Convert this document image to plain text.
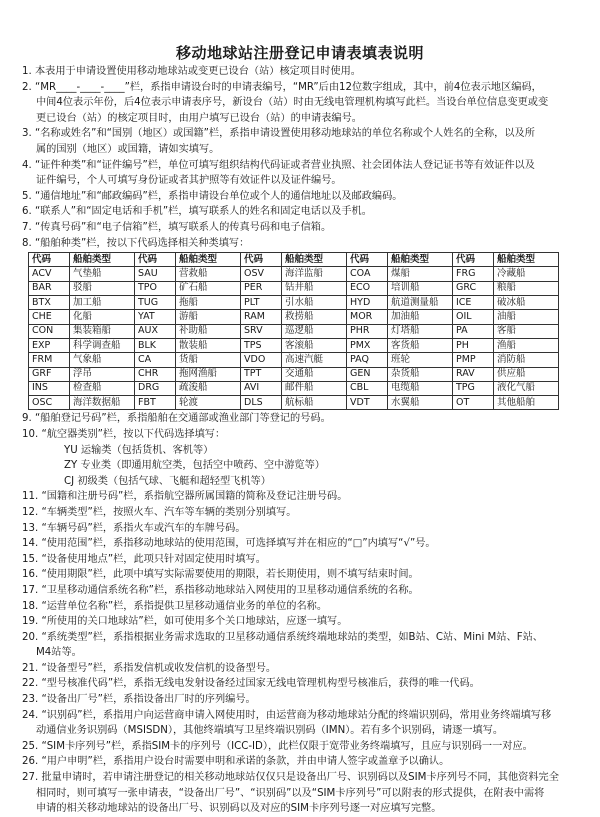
移动地球站注册登记申请表填表说明
1. 本表用于申请设置使用移动地球站或变更已设台（站）核定项目时使用。
2. “MR____-____-____”栏，系指申请设台时的申请表编号，“MR”后由12位数字组成，其中，前4位表示地区编码，
中间4位表示年份，后4位表示申请表序号，新设台（站）时由无线电管理机构填写此栏。当设台单位信息变更或变
更已设台（站）的核定项目时，由用户填写已设台（站）的申请表编号。
3. “名称或姓名”和“国别（地区）或国籍”栏，系指申请设置使用移动地球站的单位名称或个人姓名的全称，以及所
属的国别（地区）或国籍，请如实填写。
4. “证件种类”和“证件编号”栏，单位可填写组织结构代码证或者营业执照、社会团体法人登记证书等有效证件以及
证件编号，个人可填写身份证或者其护照等有效证件以及证件编号。
5. “通信地址”和“邮政编码”栏，系指申请设台单位或个人的通信地址以及邮政编码。
6. “联系人”和“固定电话和手机”栏，填写联系人的姓名和固定电话以及手机。
7. “传真号码”和“电子信箱”栏，填写联系人的传真号码和电子信箱。
8. “船舶种类”栏，按以下代码选择相关种类填写：
代码	船舶类型	代码	船舶类型	代码	船舶类型	代码	船舶类型	代码	船舶类型
ACV	气垫船	SAU	营救船	OSV	海洋监船	COA	煤船	FRG	冷藏船
BAR	驳船	TPO	矿石船	PER	钻井船	ECO	培训船	GRC	粮船
BTX	加工船	TUG	拖船	PLT	引水船	HYD	航道测量船	ICE	破冰船
CHE	化船	YAT	游船	RAM	救捞船	MOR	加油船	OIL	油船
CON	集装箱船	AUX	补助船	SRV	巡逻船	PHR	灯塔船	PA	客船
EXP	科学调查船	BLK	散装船	TPS	客滚船	PMX	客货船	PH	渔船
FRM	气象船	CA	货船	VDO	高速汽艇	PAQ	班轮	PMP	消防船
GRF	浮吊	CHR	拖网渔船	TPT	交通船	GEN	杂货船	RAV	供应船
INS	检查船	DRG	疏浚船	AVI	邮件船	CBL	电缆船	TPG	液化气船
OSC	海洋数据船	FBT	轮渡	DLS	航标船	VDT	水翼船	OT	其他船舶
9. “船舶登记号码”栏，系指船舶在交通部或渔业部门等登记的号码。
10. “航空器类别”栏，按以下代码选择填写：
YU 运输类（包括货机、客机等）
ZY 专业类（即通用航空类，包括空中喷药、空中游览等）
CJ 初级类（包括气球、飞艇和超轻型飞机等）
11. “国籍和注册号码”栏，系指航空器所属国籍的简称及登记注册号码。
12. “车辆类型”栏，按照火车、汽车等车辆的类别分别填写。
13. “车辆号码”栏，系指火车或汽车的车牌号码。
14. “使用范围”栏，系指移动地球站的使用范围，可选择填写并在相应的“□”内填写“√”号。
15. “设备使用地点”栏，此项只针对固定使用时填写。
16. “使用期限”栏，此项中填写实际需要使用的期限，若长期使用，则不填写结束时间。
17. “卫星移动通信系统名称”栏，系指移动地球站入网使用的卫星移动通信系统的名称。
18. “运营单位名称”栏，系指提供卫星移动通信业务的单位的名称。
19. “所使用的关口地球站”栏，如可使用多个关口地球站，应逐一填写。
20. “系统类型”栏，系指根据业务需求选取的卫星移动通信系统终端地球站的类型，如B站、C站、Mini M站、F站、
M4站等。
21. “设备型号”栏，系指发信机或收发信机的设备型号。
22. “型号核准代码”栏，系指无线电发射设备经过国家无线电管理机构型号核准后，获得的唯一代码。
23. “设备出厂号”栏，系指设备出厂时的序列编号。
24. “识别码”栏，系指用户向运营商申请入网使用时，由运营商为移动地球站分配的终端识别码，常用业务终端填写移
动通信业务识别码（MSISDN），其他终端填写卫星终端识别码（IMN）。若有多个识别码，请逐一填写。
25. “SIM卡序列号”栏，系指SIM卡的序列号（ICC-ID），此栏仅限于宽带业务终端填写，且应与识别码一一对应。
26. “用户申明”栏，系指用户设台时需要申明和承诺的条款，并由申请人签字或盖章予以确认。
27. 批量申请时，若申请注册登记的相关移动地球站仅仅只是设备出厂号、识别码以及SIM卡序列号不同，其他资料完全
相同时，则可填写一张申请表，“设备出厂号”、“识别码”以及“SIM卡序列号”可以附表的形式提供，在附表中需将
申请的相关移动地球站的设备出厂号、识别码以及对应的SIM卡序列号逐一对应填写完整。
